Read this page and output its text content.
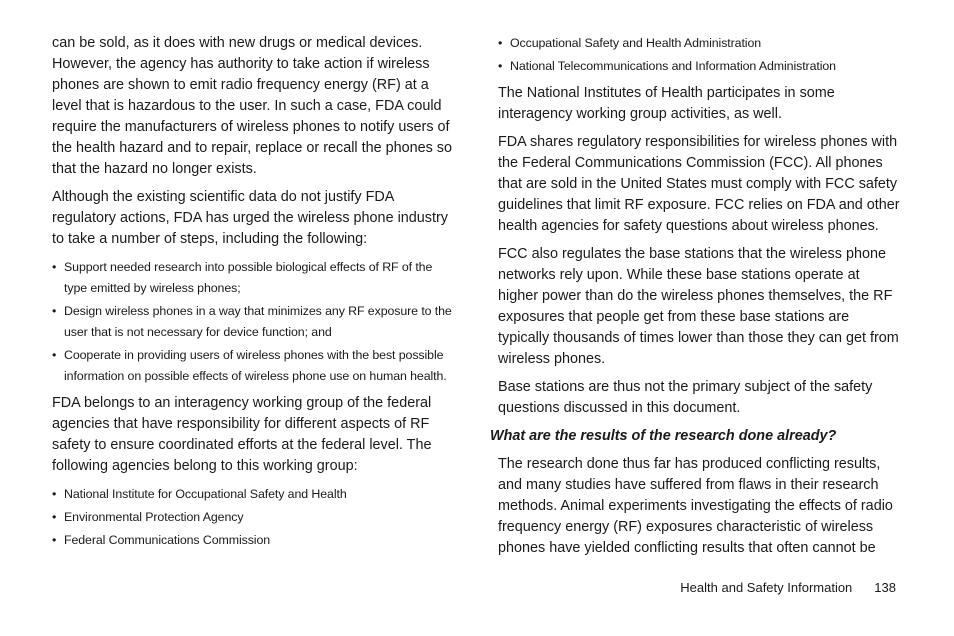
can be sold, as it does with new drugs or medical devices. However, the agency has authority to take action if wireless phones are shown to emit radio frequency energy (RF) at a level that is hazardous to the user. In such a case, FDA could require the manufacturers of wireless phones to notify users of the health hazard and to repair, replace or recall the phones so that the hazard no longer exists.

Although the existing scientific data do not justify FDA regulatory actions, FDA has urged the wireless phone industry to take a number of steps, including the following:

• Support needed research into possible biological effects of RF of the type emitted by wireless phones;
• Design wireless phones in a way that minimizes any RF exposure to the user that is not necessary for device function; and
• Cooperate in providing users of wireless phones with the best possible information on possible effects of wireless phone use on human health.

FDA belongs to an interagency working group of the federal agencies that have responsibility for different aspects of RF safety to ensure coordinated efforts at the federal level. The following agencies belong to this working group:

• National Institute for Occupational Safety and Health
• Environmental Protection Agency
• Federal Communications Commission
• Occupational Safety and Health Administration
• National Telecommunications and Information Administration

The National Institutes of Health participates in some interagency working group activities, as well.

FDA shares regulatory responsibilities for wireless phones with the Federal Communications Commission (FCC). All phones that are sold in the United States must comply with FCC safety guidelines that limit RF exposure. FCC relies on FDA and other health agencies for safety questions about wireless phones.

FCC also regulates the base stations that the wireless phone networks rely upon. While these base stations operate at higher power than do the wireless phones themselves, the RF exposures that people get from these base stations are typically thousands of times lower than those they can get from wireless phones.

Base stations are thus not the primary subject of the safety questions discussed in this document.

What are the results of the research done already?

The research done thus far has produced conflicting results, and many studies have suffered from flaws in their research methods. Animal experiments investigating the effects of radio frequency energy (RF) exposures characteristic of wireless phones have yielded conflicting results that often cannot be

Health and Safety Information 138
